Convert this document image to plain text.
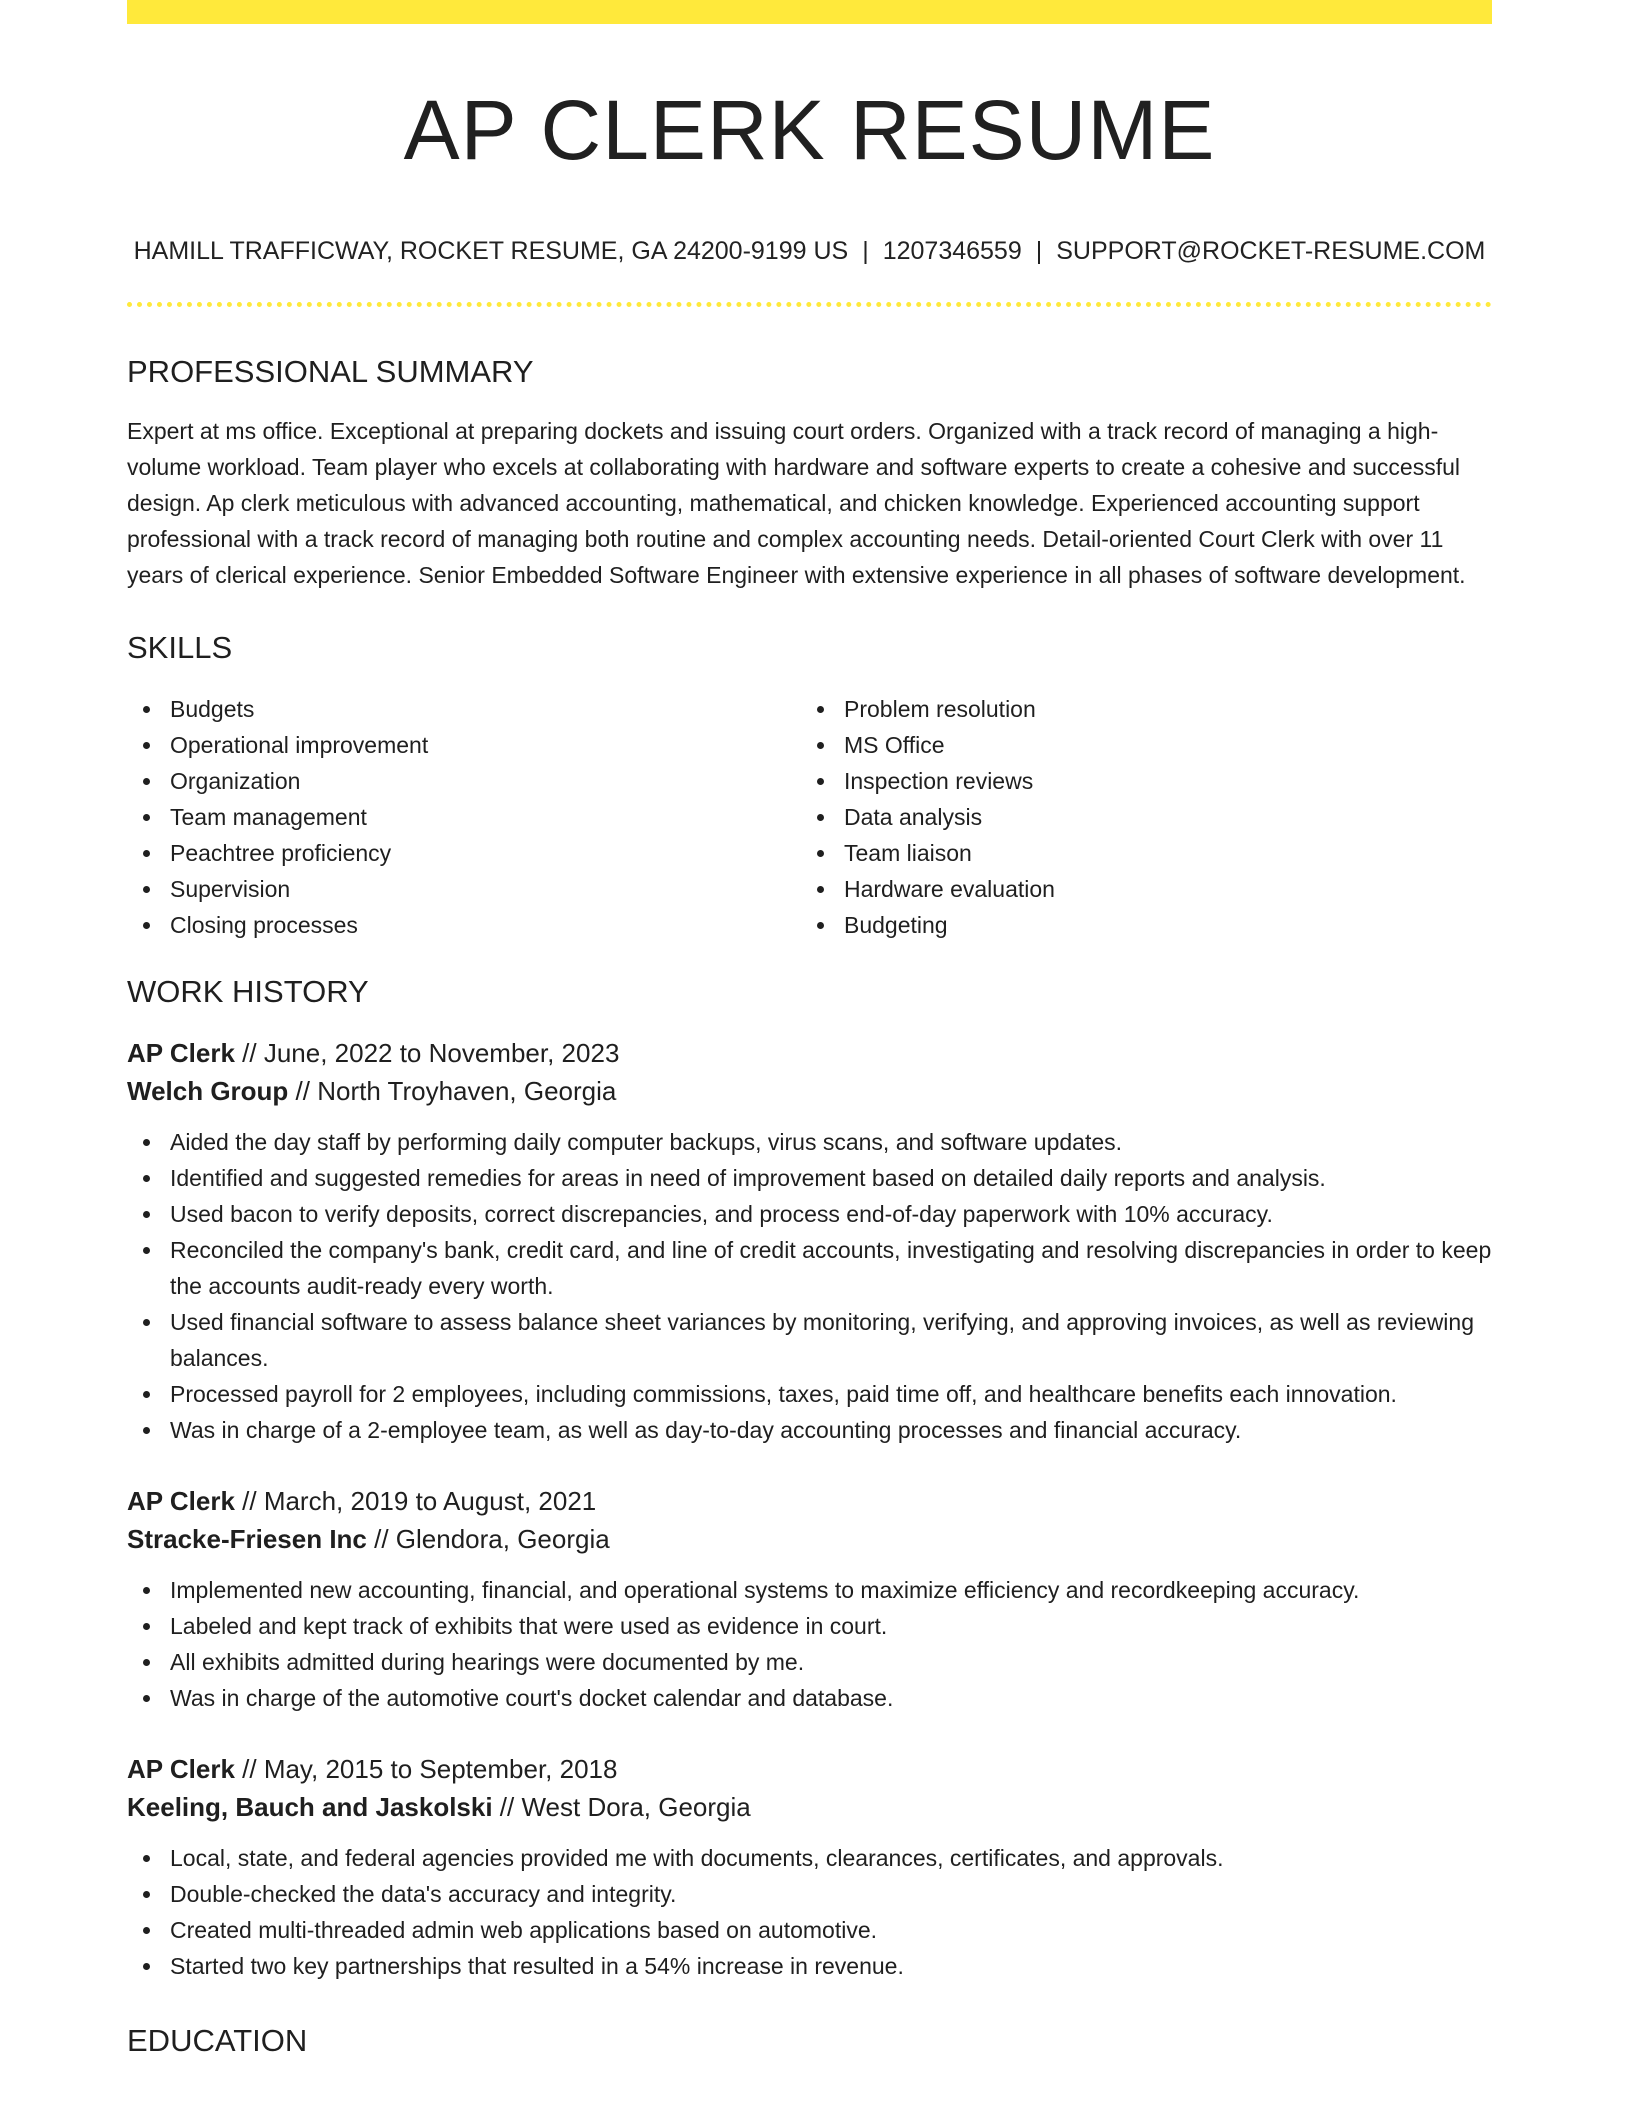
AP CLERK RESUME
HAMILL TRAFFICWAY, ROCKET RESUME, GA 24200-9199 US | 1207346559 | SUPPORT@ROCKET-RESUME.COM
PROFESSIONAL SUMMARY
Expert at ms office. Exceptional at preparing dockets and issuing court orders. Organized with a track record of managing a high-volume workload. Team player who excels at collaborating with hardware and software experts to create a cohesive and successful design. Ap clerk meticulous with advanced accounting, mathematical, and chicken knowledge. Experienced accounting support professional with a track record of managing both routine and complex accounting needs. Detail-oriented Court Clerk with over 11 years of clerical experience. Senior Embedded Software Engineer with extensive experience in all phases of software development.
SKILLS
Budgets
Operational improvement
Organization
Team management
Peachtree proficiency
Supervision
Closing processes
Problem resolution
MS Office
Inspection reviews
Data analysis
Team liaison
Hardware evaluation
Budgeting
WORK HISTORY
AP Clerk // June, 2022 to November, 2023
Welch Group // North Troyhaven, Georgia
Aided the day staff by performing daily computer backups, virus scans, and software updates.
Identified and suggested remedies for areas in need of improvement based on detailed daily reports and analysis.
Used bacon to verify deposits, correct discrepancies, and process end-of-day paperwork with 10% accuracy.
Reconciled the company's bank, credit card, and line of credit accounts, investigating and resolving discrepancies in order to keep the accounts audit-ready every worth.
Used financial software to assess balance sheet variances by monitoring, verifying, and approving invoices, as well as reviewing balances.
Processed payroll for 2 employees, including commissions, taxes, paid time off, and healthcare benefits each innovation.
Was in charge of a 2-employee team, as well as day-to-day accounting processes and financial accuracy.
AP Clerk // March, 2019 to August, 2021
Stracke-Friesen Inc // Glendora, Georgia
Implemented new accounting, financial, and operational systems to maximize efficiency and recordkeeping accuracy.
Labeled and kept track of exhibits that were used as evidence in court.
All exhibits admitted during hearings were documented by me.
Was in charge of the automotive court's docket calendar and database.
AP Clerk // May, 2015 to September, 2018
Keeling, Bauch and Jaskolski // West Dora, Georgia
Local, state, and federal agencies provided me with documents, clearances, certificates, and approvals.
Double-checked the data's accuracy and integrity.
Created multi-threaded admin web applications based on automotive.
Started two key partnerships that resulted in a 54% increase in revenue.
EDUCATION
